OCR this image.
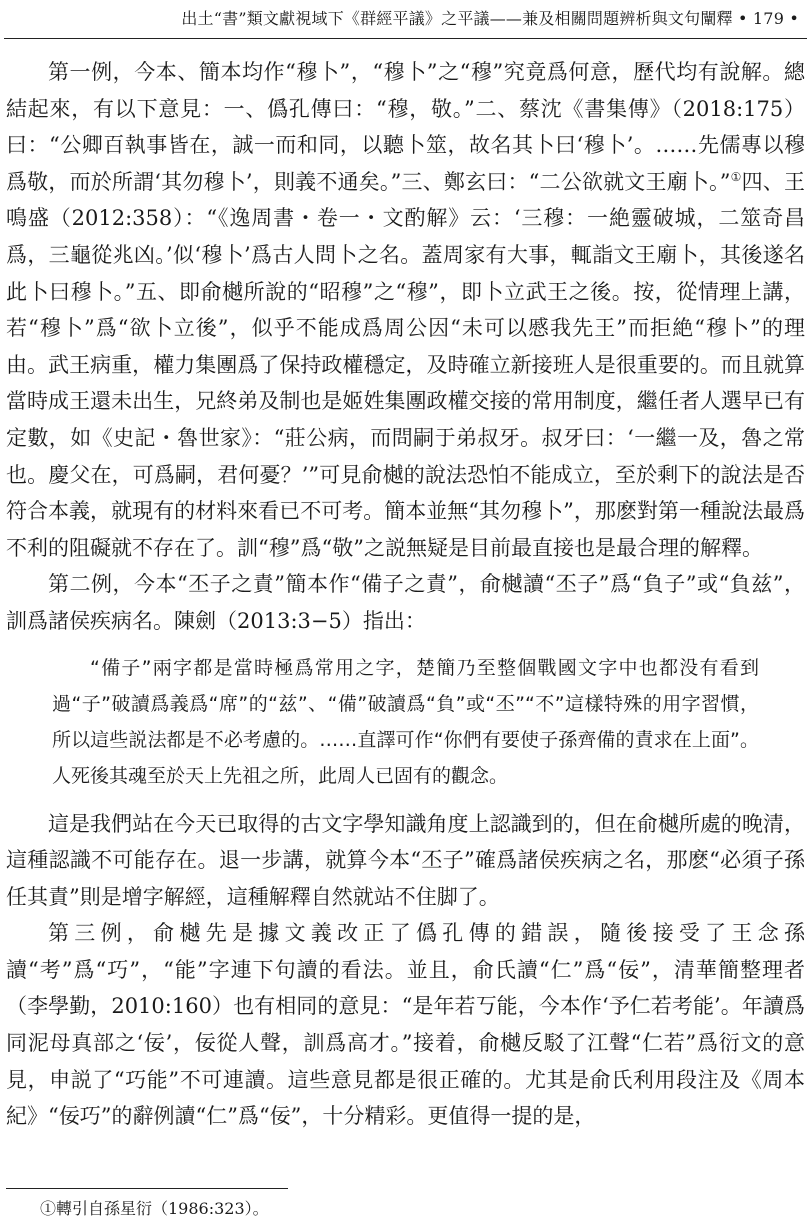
出土“書”類文獻視域下《群經平議》之平議——兼及相關問題辨析與文句闡釋 • 179 •

第一例，今本、簡本均作“穆卜”，“穆卜”之“穆”究竟爲何意，歷代均有說解。總結起來，有以下意見：一、僞孔傳曰：“穆，敬。”二、蔡沈《書集傳》（2018:175）曰：“公卿百執事皆在，誠一而和同，以聽卜筮，故名其卜曰‘穆卜’。……先儒專以穆爲敬，而於所謂‘其勿穆卜’，則義不通矣。”三、鄭玄曰：“二公欲就文王廟卜。”①四、王鳴盛（2012:358）：“《逸周書・卷一・文酌解》云：‘三穆：一絶靈破城，二筮奇昌爲，三龜從兆凶。’似‘穆卜’爲古人問卜之名。蓋周家有大事，輒詣文王廟卜，其後遂名此卜曰穆卜。”五、即俞樾所說的“昭穆”之“穆”，即卜立武王之後。按，從情理上講，若“穆卜”爲“欲卜立後”，似乎不能成爲周公因“未可以慼我先王”而拒絶“穆卜”的理由。武王病重，權力集團爲了保持政權穩定，及時確立新接班人是很重要的。而且就算當時成王還未出生，兄終弟及制也是姬姓集團政權交接的常用制度，繼任者人選早已有定數，如《史記・魯世家》：“莊公病，而問嗣于弟叔牙。叔牙曰：‘一繼一及，魯之常也。慶父在，可爲嗣，君何憂？’”可見俞樾的說法恐怕不能成立，至於剩下的說法是否符合本義，就現有的材料來看已不可考。簡本並無“其勿穆卜”，那麽對第一種說法最爲不利的阻礙就不存在了。訓“穆”爲“敬”之説無疑是目前最直接也是最合理的解釋。

第二例，今本“丕子之責”簡本作“備子之責”，俞樾讀“丕子”爲“負子”或“負兹”，訓爲諸侯疾病名。陳劍（2013:3−5）指出：

“備子”兩字都是當時極爲常用之字，楚簡乃至整個戰國文字中也都没有看到過“子”破讀爲義爲“席”的“兹”、“備”破讀爲“負”或“丕”“不”這樣特殊的用字習慣，所以這些説法都是不必考慮的。……直譯可作“你們有要使子孫齊備的責求在上面”。人死後其魂至於天上先祖之所，此周人已固有的觀念。

這是我們站在今天已取得的古文字學知識角度上認識到的，但在俞樾所處的晚清，這種認識不可能存在。退一步講，就算今本“丕子”確爲諸侯疾病之名，那麽“必須子孫任其責”則是增字解經，這種解釋自然就站不住脚了。

第三例，俞樾先是據文義改正了僞孔傳的錯誤，隨後接受了王念孫讀“考”爲“巧”，“能”字連下句讀的看法。並且，俞氏讀“仁”爲“佞”，清華簡整理者（李學勤，2010:160）也有相同的意見：“是年若丂能，今本作‘予仁若考能’。年讀爲同泥母真部之‘佞’，佞從人聲，訓爲高才。”接着，俞樾反駁了江聲“仁若”爲衍文的意見，申説了“巧能”不可連讀。這些意見都是很正確的。尤其是俞氏利用段注及《周本紀》“佞巧”的辭例讀“仁”爲“佞”，十分精彩。更值得一提的是，

①轉引自孫星衍（1986:323）。
